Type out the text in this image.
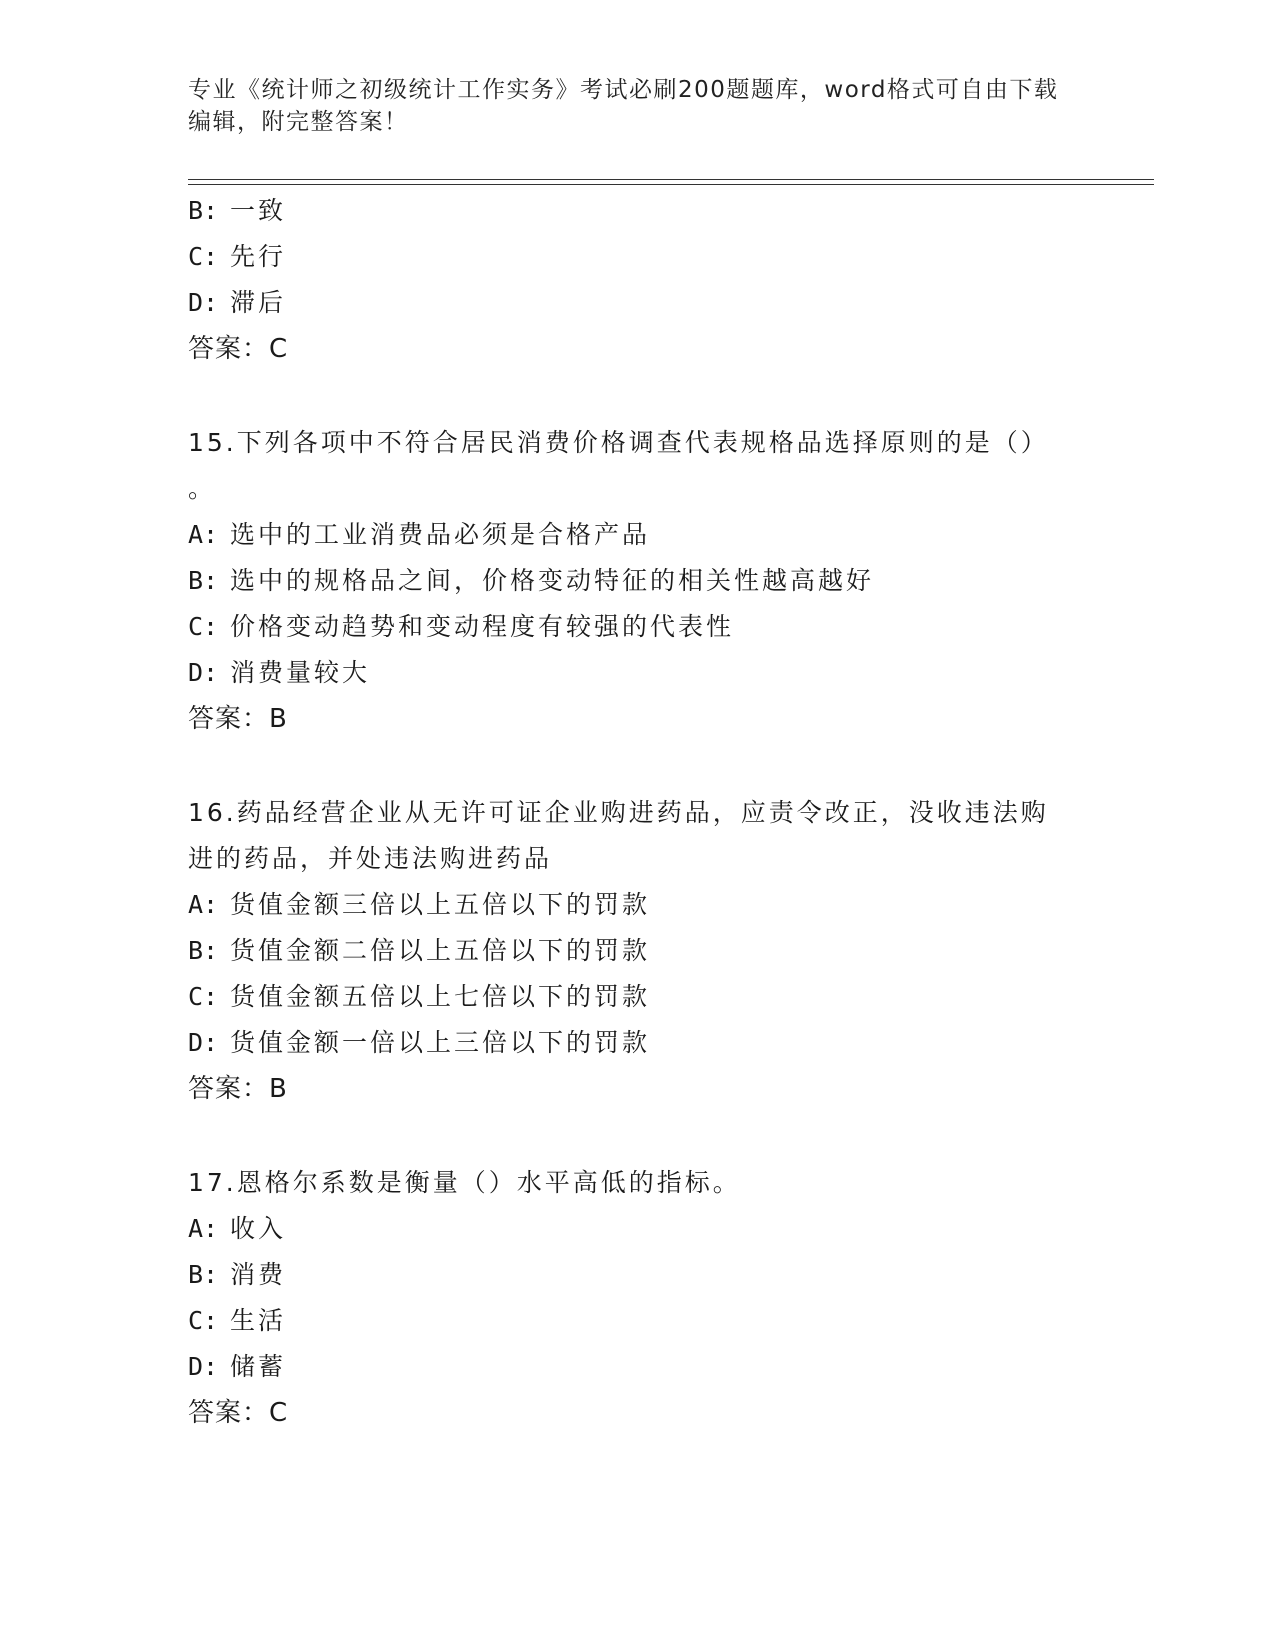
专业《统计师之初级统计工作实务》考试必刷200题题库，word格式可自由下载
编辑，附完整答案！
B: 一致
C: 先行
D: 滞后
答案：C
15.下列各项中不符合居民消费价格调查代表规格品选择原则的是（）
。
A: 选中的工业消费品必须是合格产品
B: 选中的规格品之间，价格变动特征的相关性越高越好
C: 价格变动趋势和变动程度有较强的代表性
D: 消费量较大
答案：B
16.药品经营企业从无许可证企业购进药品，应责令改正，没收违法购
进的药品，并处违法购进药品
A: 货值金额三倍以上五倍以下的罚款
B: 货值金额二倍以上五倍以下的罚款
C: 货值金额五倍以上七倍以下的罚款
D: 货值金额一倍以上三倍以下的罚款
答案：B
17.恩格尔系数是衡量（）水平高低的指标。
A: 收入
B: 消费
C: 生活
D: 储蓄
答案：C
